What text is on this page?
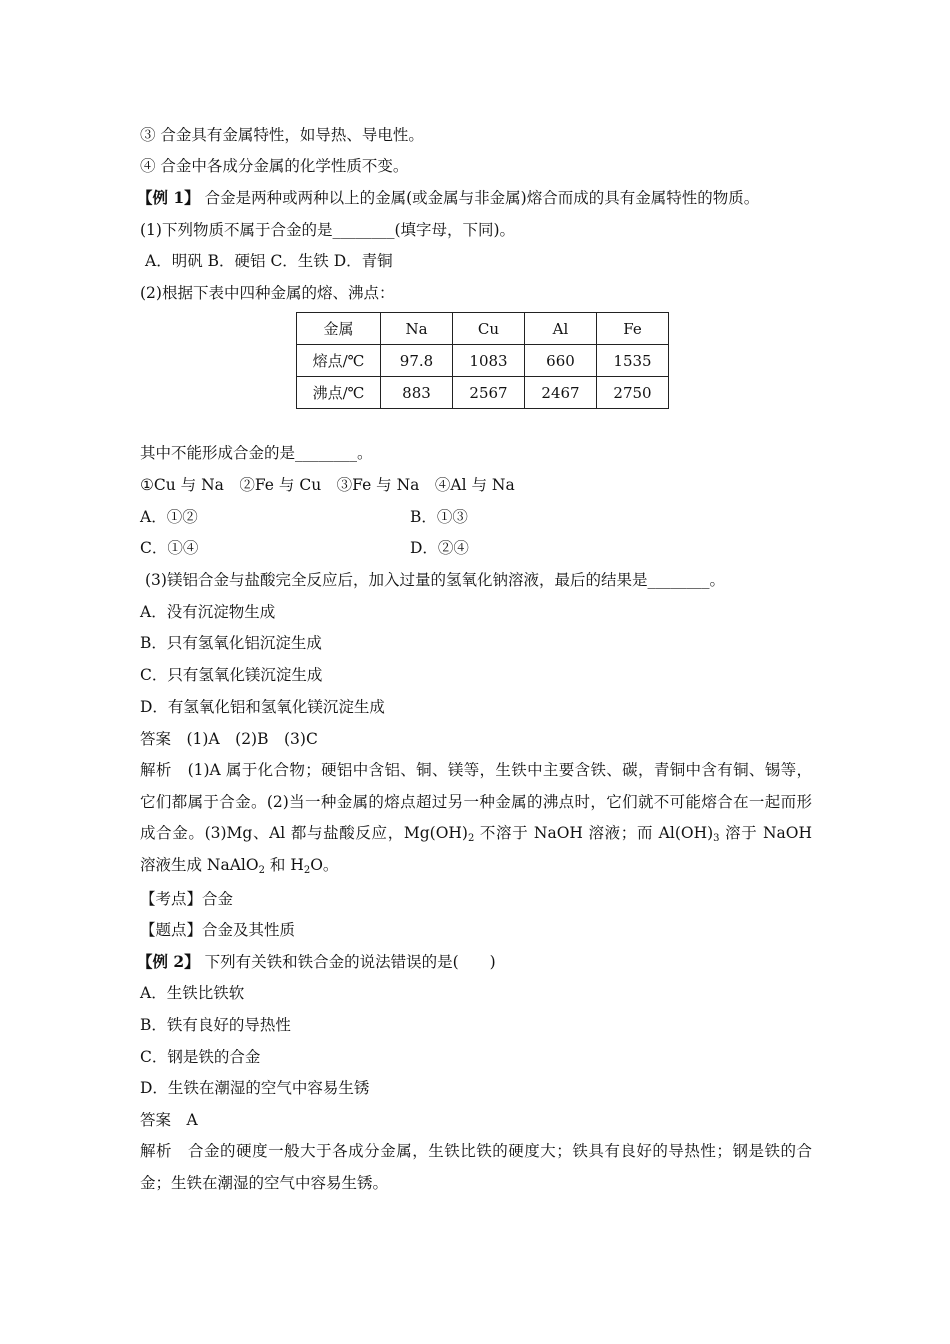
③ 合金具有金属特性，如导热、导电性。
④ 合金中各成分金属的化学性质不变。
【例 1】 合金是两种或两种以上的金属(或金属与非金属)熔合而成的具有金属特性的物质。
(1)下列物质不属于合金的是________(填字母，下同)。
A．明矾 B．硬铝 C．生铁 D．青铜
(2)根据下表中四种金属的熔、沸点：
金属	Na	Cu	Al	Fe
熔点/℃	97.8	1083	660	1535
沸点/℃	883	2567	2467	2750
其中不能形成合金的是________。
①Cu 与 Na　②Fe 与 Cu　③Fe 与 Na　④Al 与 Na
A．①②	B．①③
C．①④	D．②④
(3)镁铝合金与盐酸完全反应后，加入过量的氢氧化钠溶液，最后的结果是________。
A．没有沉淀物生成
B．只有氢氧化铝沉淀生成
C．只有氢氧化镁沉淀生成
D．有氢氧化铝和氢氧化镁沉淀生成
答案　(1)A　(2)B　(3)C
解析　 (1)A 属于化合物；硬铝中含铝、铜、镁等，生铁中主要含铁、碳，青铜中含有铜、锡等，它们都属于合金。(2)当一种金属的熔点超过另一种金属的沸点时，它们就不可能熔合在一起而形成合金。(3)Mg、Al 都与盐酸反应，$Mg(OH)_2$ 不溶于 NaOH 溶液；而 $Al(OH)_3$ 溶于 NaOH 溶液生成 NaAlO$_2$ 和 $H_2O$。
【考点】合金
【题点】合金及其性质
【例 2】 下列有关铁和铁合金的说法错误的是(　　)
A．生铁比铁软
B．铁有良好的导热性
C．钢是铁的合金
D．生铁在潮湿的空气中容易生锈
答案　A
解析　合金的硬度一般大于各成分金属，生铁比铁的硬度大；铁具有良好的导热性；钢是铁的合金；生铁在潮湿的空气中容易生锈。
